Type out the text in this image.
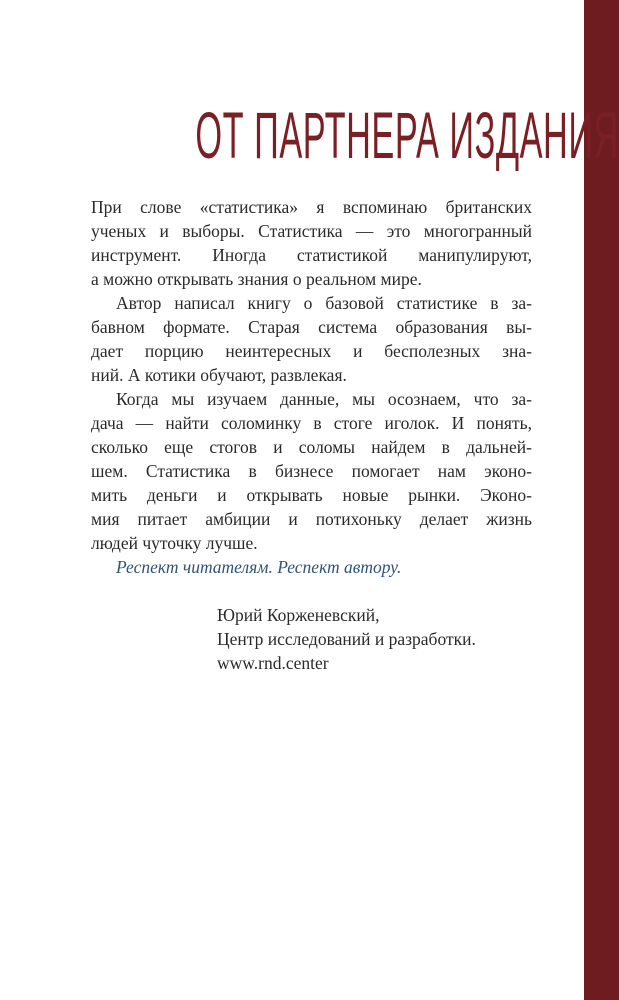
ОТ ПАРТНЕРА ИЗДАНИЯ
При слове «статистика» я вспоминаю британских
ученых и выборы. Статистика — это многогранный
инструмент. Иногда статистикой манипулируют,
а можно открывать знания о реальном мире.
Автор написал книгу о базовой статистике в за-
бавном формате. Старая система образования вы-
дает порцию неинтересных и бесполезных зна-
ний. А котики обучают, развлекая.
Когда мы изучаем данные, мы осознаем, что за-
дача — найти соломинку в стоге иголок. И понять,
сколько еще стогов и соломы найдем в дальней-
шем. Статистика в бизнесе помогает нам эконо-
мить деньги и открывать новые рынки. Эконо-
мия питает амбиции и потихоньку делает жизнь
людей чуточку лучше.
Респект читателям. Респект автору.
Юрий Корженевский,
Центр исследований и разработки.
www.rnd.center
